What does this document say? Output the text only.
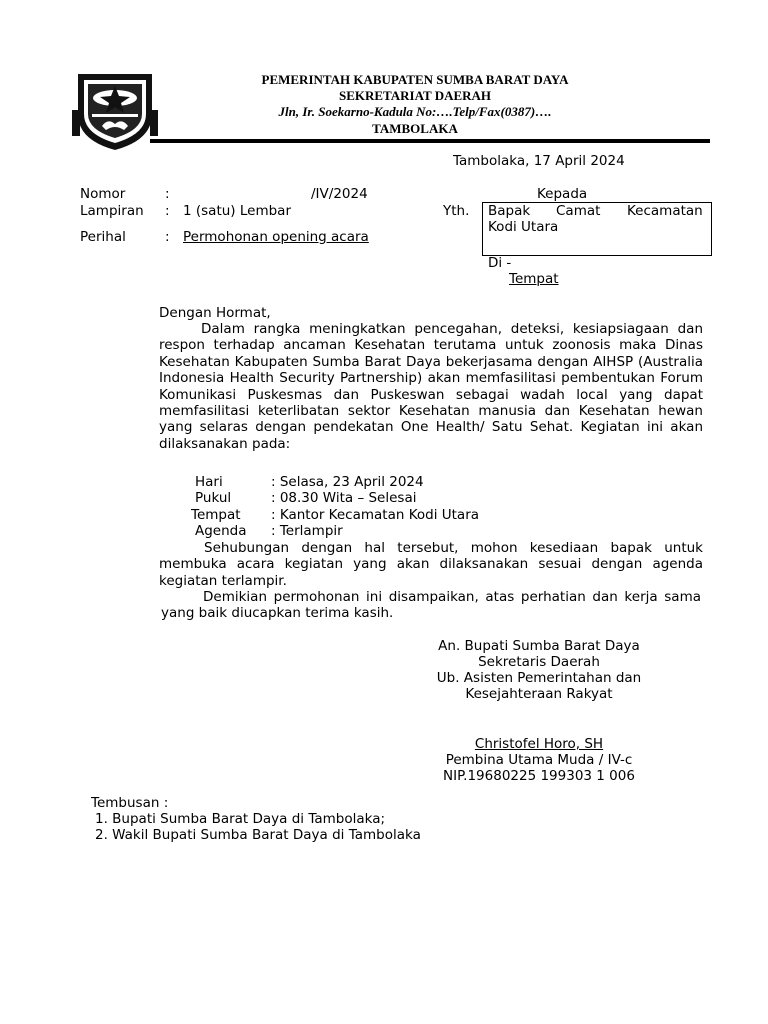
PEMERINTAH KABUPATEN SUMBA BARAT DAYA
SEKRETARIAT DAERAH
Jln, Ir. Soekarno-Kadula No:….Telp/Fax(0387)….
TAMBOLAKA
Tambolaka, 17 April 2024
Nomor	:	/IV/2024
Lampiran : 1 (satu) Lembar
Perihal	: Permohonan opening acara
Kepada
Yth. Bapak Camat Kecamatan
Kodi Utara
Di -
Tempat
Dengan Hormat,
Dalam rangka meningkatkan pencegahan, deteksi, kesiapsiagaan dan respon terhadap ancaman Kesehatan terutama untuk zoonosis maka Dinas Kesehatan Kabupaten Sumba Barat Daya bekerjasama dengan AIHSP (Australia Indonesia Health Security Partnership) akan memfasilitasi pembentukan Forum Komunikasi Puskesmas dan Puskeswan sebagai wadah local yang dapat memfasilitasi keterlibatan sektor Kesehatan manusia dan Kesehatan hewan yang selaras dengan pendekatan One Health/ Satu Sehat. Kegiatan ini akan dilaksanakan pada:
Hari	: Selasa, 23 April 2024
Pukul	: 08.30 Wita – Selesai
Tempat : Kantor Kecamatan Kodi Utara
Agenda : Terlampir
Sehubungan dengan hal tersebut, mohon kesediaan bapak untuk membuka acara kegiatan yang akan dilaksanakan sesuai dengan agenda kegiatan terlampir.
Demikian permohonan ini disampaikan, atas perhatian dan kerja sama yang baik diucapkan terima kasih.
An. Bupati Sumba Barat Daya
Sekretaris Daerah
Ub. Asisten Pemerintahan dan
Kesejahteraan Rakyat
Christofel Horo, SH
Pembina Utama Muda / IV-c
NIP.19680225 199303 1 006
Tembusan :
1. Bupati Sumba Barat Daya di Tambolaka;
2. Wakil Bupati Sumba Barat Daya di Tambolaka
